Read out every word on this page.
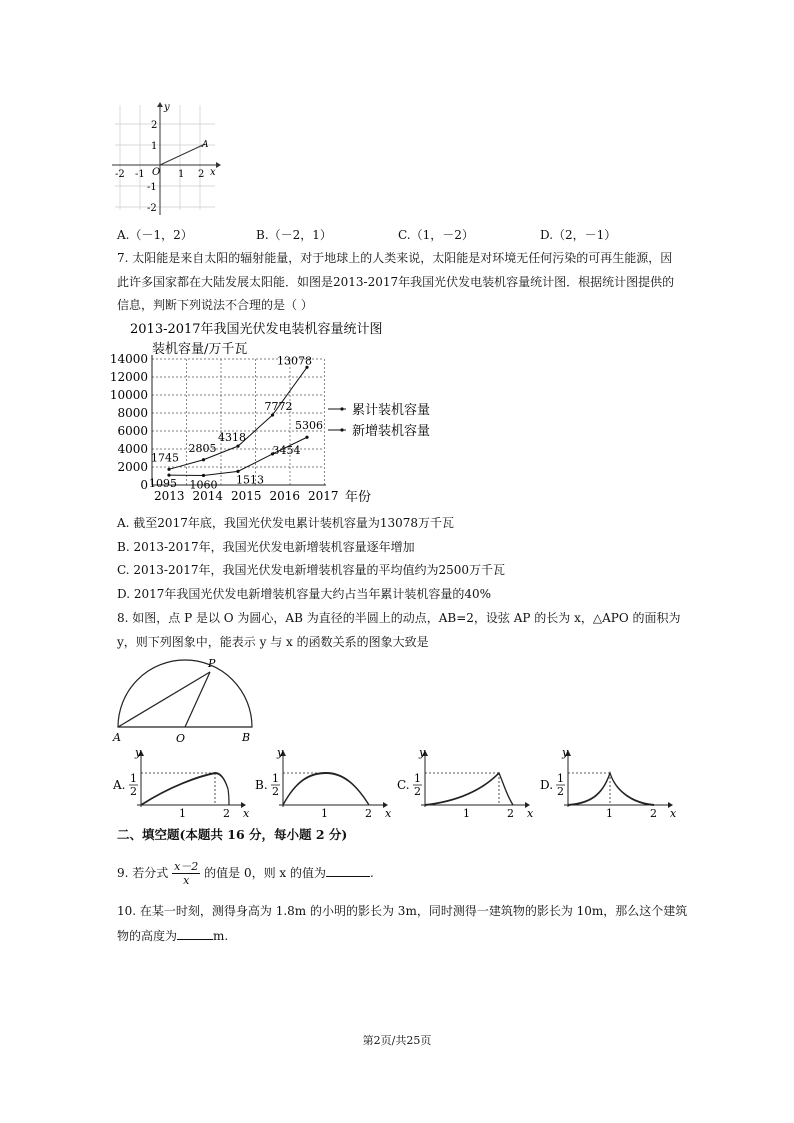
y
x
O
A
-2 -1	1 2
2
1
-1
-2
A.（－1，2）	B.（－2，1）	C.（1，－2）	D.（2，－1）
7. 太阳能是来自太阳的辐射能量，对于地球上的人类来说，太阳能是对环境无任何污染的可再生能源，因
此许多国家都在大陆发展太阳能．如图是2013-2017年我国光伏发电装机容量统计图．根据统计图提供的
信息，判断下列说法不合理的是（ ）
2013-2017年我国光伏发电装机容量统计图
装机容量/万千瓦
0
2000
4000
6000
8000
10000
12000
14000
2013 2014 2015 2016 2017 年份
1745
2805
4318
7772
13078
累计装机容量
1095 1060 1513
3454
5306 新增装机容量
A. 截至2017年底，我国光伏发电累计装机容量为13078万千瓦
B. 2013-2017年，我国光伏发电新增装机容量逐年增加
C. 2013-2017年，我国光伏发电新增装机容量的平均值约为2500万千瓦
D. 2017年我国光伏发电新增装机容量大约占当年累计装机容量的40%
8. 如图，点 P 是以 O 为圆心，AB 为直径的半圆上的动点，AB=2，设弦 AP 的长为 x，△APO 的面积为
y，则下列图象中，能表示 y 与 x 的函数关系的图象大致是
A	O	B
P
A.
y
x
1
2
1	2
B.
y
x
1
2
1	2
C.
y
x
1
2
1	2
D.
y
x
1
2
1	2
二、填空题(本题共 16 分，每小题 2 分)
9. 若分式 $\frac{x-2}{x}$ 的值是 0，则 x 的值为	.
10. 在某一时刻，测得身高为 1.8m 的小明的影长为 3m，同时测得一建筑物的影长为 10m，那么这个建筑
物的高度为	m.
第2页/共25页
